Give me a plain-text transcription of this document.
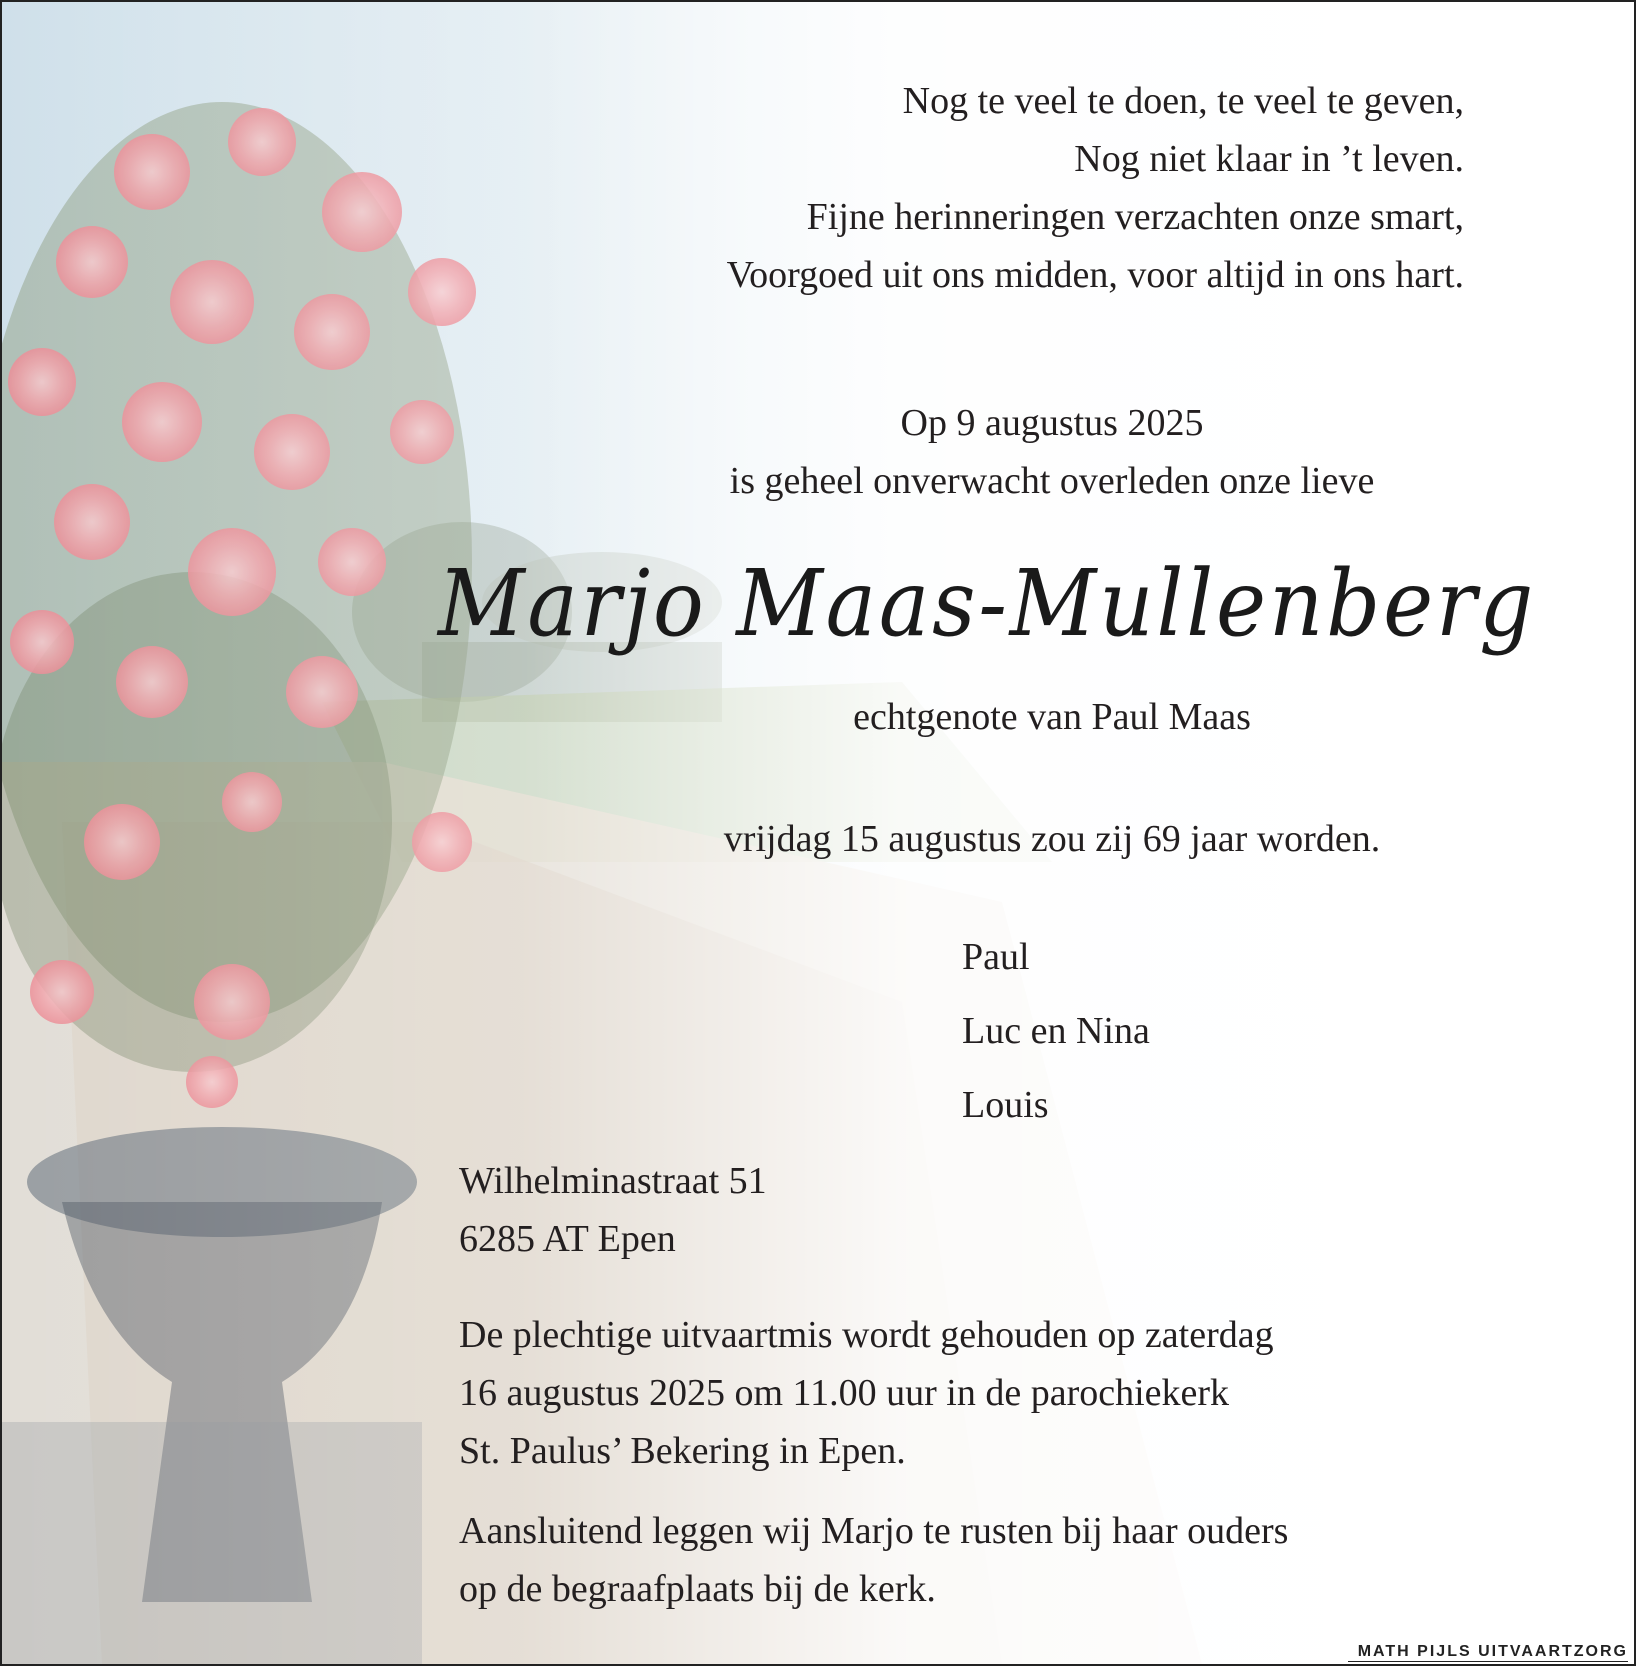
Nog te veel te doen, te veel te geven,
Nog niet klaar in ’t leven.
Fijne herinneringen verzachten onze smart,
Voorgoed uit ons midden, voor altijd in ons hart.

Op 9 augustus 2025

is geheel onverwacht overleden onze lieve

Marjo Maas-Mullenberg
echtgenote van Paul Maas
vrijdag 15 augustus zou zij 69 jaar worden.
Paul
Luc en Nina
Louis
Wilhelminastraat 51
6285 AT Epen
De plechtige uitvaartmis wordt gehouden op zaterdag
16 augustus 2025 om 11.00 uur in de parochiekerk
St. Paulus’ Bekering in Epen.
Aansluitend leggen wij Marjo te rusten bij haar ouders
op de begraafplaats bij de kerk.
MATH PIJLS UITVAARTZORG
